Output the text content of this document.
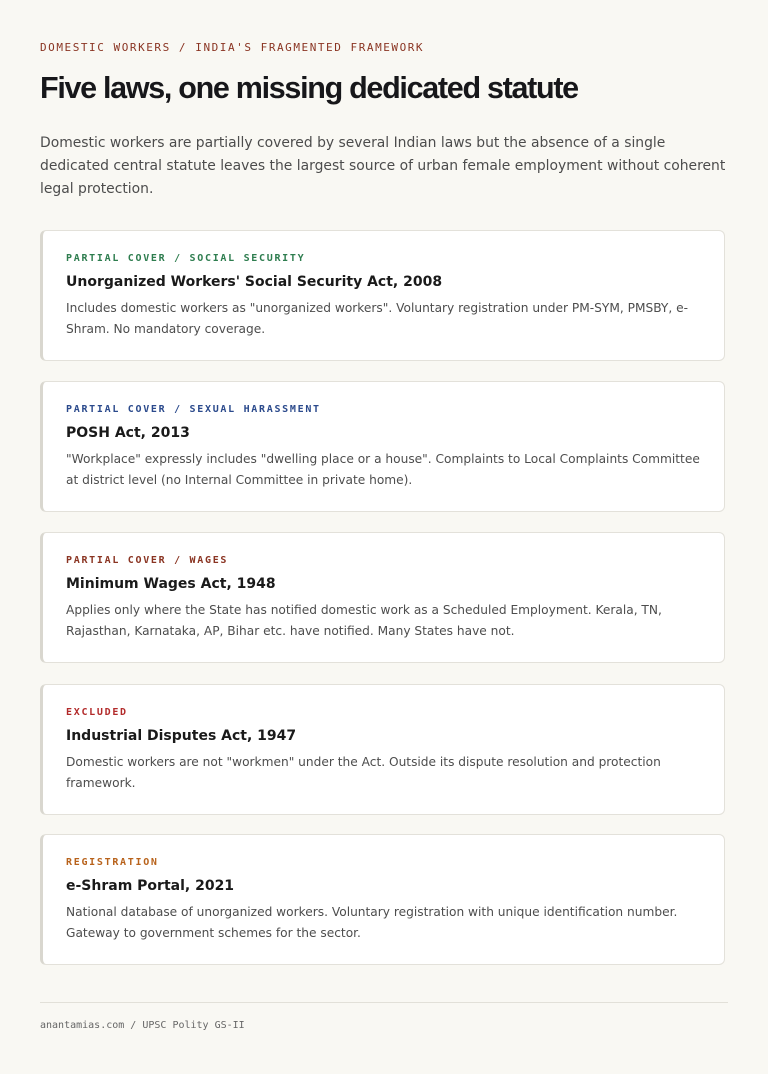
DOMESTIC WORKERS / INDIA'S FRAGMENTED FRAMEWORK
Five laws, one missing dedicated statute

Domestic workers are partially covered by several Indian laws but the absence of a single dedicated central statute leaves the largest source of urban female employment without coherent legal protection.

PARTIAL COVER / SOCIAL SECURITY
Unorganized Workers' Social Security Act, 2008

Includes domestic workers as "unorganized workers". Voluntary registration under PM-SYM, PMSBY, e-Shram. No mandatory coverage.

PARTIAL COVER / SEXUAL HARASSMENT
POSH Act, 2013

"Workplace" expressly includes "dwelling place or a house". Complaints to Local Complaints Committee at district level (no Internal Committee in private home).

PARTIAL COVER / WAGES
Minimum Wages Act, 1948

Applies only where the State has notified domestic work as a Scheduled Employment. Kerala, TN, Rajasthan, Karnataka, AP, Bihar etc. have notified. Many States have not.

EXCLUDED
Industrial Disputes Act, 1947

Domestic workers are not "workmen" under the Act. Outside its dispute resolution and protection framework.

REGISTRATION
e-Shram Portal, 2021

National database of unorganized workers. Voluntary registration with unique identification number. Gateway to government schemes for the sector.

anantamias.com / UPSC Polity GS-II
